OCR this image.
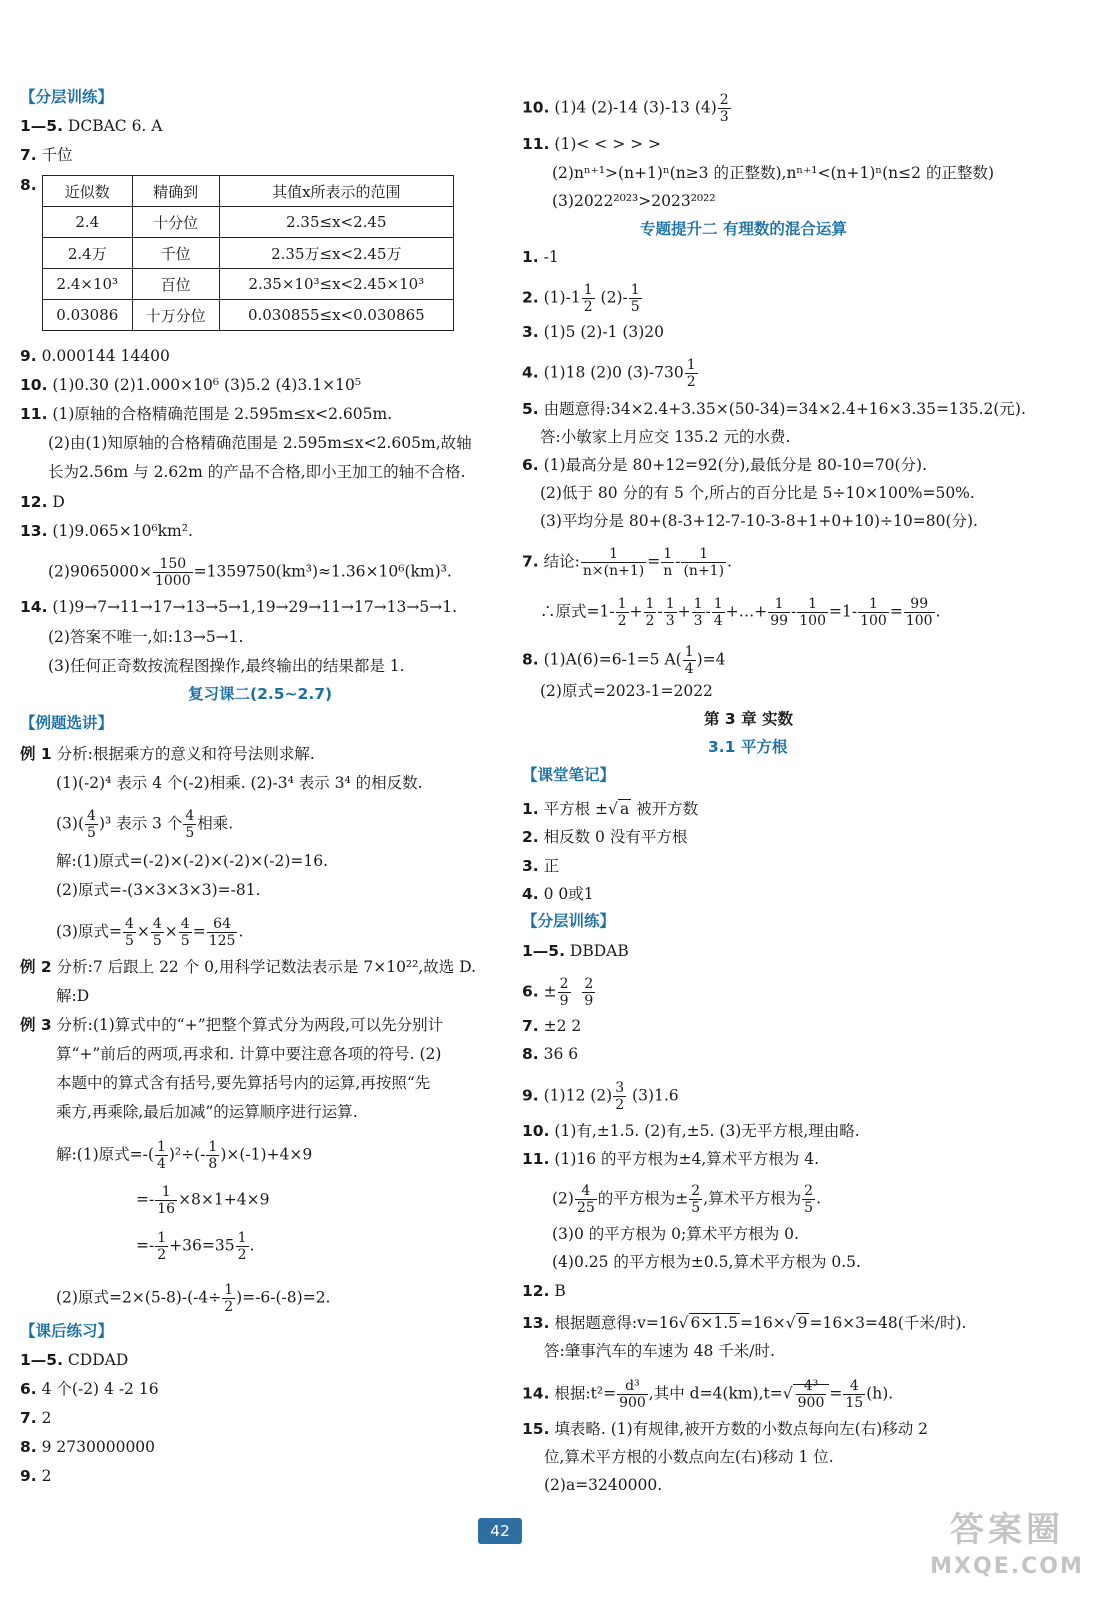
【分层训练】
1—5. DCBAC 6. A
7. 千位
8. 近似数	精确到	其值x所表示的范围
2.4	十分位	2.35≤x<2.45
2.4万	千位	2.35万≤x<2.45万
2.4×10³	百位	2.35×10³≤x<2.45×10³
0.03086	十万分位	0.030855≤x<0.030865
9. 0.000144 14400
10. (1)0.30 (2)1.000×10⁶ (3)5.2 (4)3.1×10⁵
11. (1)原轴的合格精确范围是 2.595m≤x<2.605m.
(2)由(1)知原轴的合格精确范围是 2.595m≤x<2.605m,故轴
长为2.56m 与 2.62m 的产品不合格,即小王加工的轴不合格.
12. D
13. (1)9.065×10⁶km².
$(2)9065000\times \frac{150}{1000} =1359750(km^3)\approx 1.36\times 10^6(km)^3$.
14. (1)9→7→11→17→13→5→1,19→29→11→17→13→5→1.
(2)答案不唯一,如:13→5→1.
(3)任何正奇数按流程图操作,最终输出的结果都是 1.
复习课二(2.5~2.7)
【例题选讲】
例 1 分析:根据乘方的意义和符号法则求解.
(1)(-2)⁴ 表示 4 个(-2)相乘. (2)-3⁴ 表示 3⁴ 的相反数.
$(3)( \frac{4}{5} )^3$ 表示 3 个 $\frac{4}{5}$ 相乘.
解:(1)原式=(-2)×(-2)×(-2)×(-2)=16.
(2)原式=-(3×3×3×3)=-81.
(3)原式= $\frac{4}{5} \times \frac{4}{5} \times \frac{4}{5} = \frac{64}{125}$ .
例 2 分析:7 后跟上 22 个 0,用科学记数法表示是 7×10²²,故选 D.
解:D
例 3 分析:(1)算式中的“+”把整个算式分为两段,可以先分别计
算“+”前后的两项,再求和. 计算中要注意各项的符号. (2)
本题中的算式含有括号,要先算括号内的运算,再按照“先
乘方,再乘除,最后加减”的运算顺序进行运算.
解:(1)原式=-( $\frac{1}{4} )^2\div(- \frac{1}{8} )\times(-1)+4\times 9$
=- $\frac{1}{16} \times 8\times 1+4\times 9$
=- $\frac{1}{2} +36=35 \frac{1}{2}$ .
(2)原式$=2\times(5-8)-(-4\div \frac{1}{2} )=-6-(-8)=2$.
【课后练习】
1—5. CDDAD
6. 4 个(-2) 4 -2 16
7. 2
8. 9 2730000000
9. 2
10. (1)4 (2)-14 (3)-13 $(4) \frac{2}{3}$
11. (1)< < > > >
(2)nⁿ⁺¹>(n+1)ⁿ(n≥3 的正整数),nⁿ⁺¹<(n+1)ⁿ(n≤2 的正整数)
(3)2022²⁰²³>2023²⁰²²
专题提升二 有理数的混合运算
1. -1
2. $(1)-1 \frac{1}{2} (2)- \frac{1}{5}$
3. (1)5 (2)-1 (3)20
4. (1)18 (2)0 $(3)-730 \frac{1}{2}$
5. 由题意得:34×2.4+3.35×(50-34)=34×2.4+16×3.35=135.2(元).
答:小敏家上月应交 135.2 元的水费.
6. (1)最高分是 80+12=92(分),最低分是 80-10=70(分).
(2)低于 80 分的有 5 个,所占的百分比是 5÷10×100%=50%.
(3)平均分是 80+(8-3+12-7-10-3-8+1+0+10)÷10=80(分).
7. 结论: $\frac{1}{n\times(n+1)} = \frac{1}{n} - \frac{1}{(n+1)}$ .
∴原式$=1- \frac{1}{2} + \frac{1}{2} - \frac{1}{3} + \frac{1}{3} - \frac{1}{4}$ +…+ $\frac{1}{99} - \frac{1}{100} =1- \frac{1}{100} = \frac{99}{100}$ .
8. (1)A(6)=6-1=5 $A( \frac{1}{4} )=4$
(2)原式=2023-1=2022
第 3 章 实数
3.1 平方根
【课堂笔记】
1. 平方根 ±√ a 被开方数
2. 相反数 0 没有平方根
3. 正
4. 0 0或1
【分层训练】
1—5. DBDAB
6. ± $\frac{2}{9}$
$\frac{2}{9}$
7. ±2 2
8. 36 6
9. (1)12 $(2) \frac{3}{2} (3)1.6$
10. (1)有,±1.5. (2)有,±5. (3)无平方根,理由略.
11. (1)16 的平方根为±4,算术平方根为 4.
$(2) \frac{4}{25}$ 的平方根为± $\frac{2}{5}$ ,算术平方根为 $\frac{2}{5}$ .
(3)0 的平方根为 0;算术平方根为 0.
(4)0.25 的平方根为±0.5,算术平方根为 0.5.
12. B
13. 根据题意得:v=16√ 6×1.5 =16×√ 9 =16×3=48(千米/时).
答:肇事汽车的车速为 48 千米/时.
14. 根据:t²= $\frac{\text{d³}}{900}$ ,其中 $d=4(km),t=√ \frac{\text{4³}}{900} = \frac{4}{15} (h)$.
15. 填表略. (1)有规律,被开方数的小数点每向左(右)移动 2
位,算术平方根的小数点向左(右)移动 1 位.
(2)a=3240000.
42	答案圈
MXQE.COM
